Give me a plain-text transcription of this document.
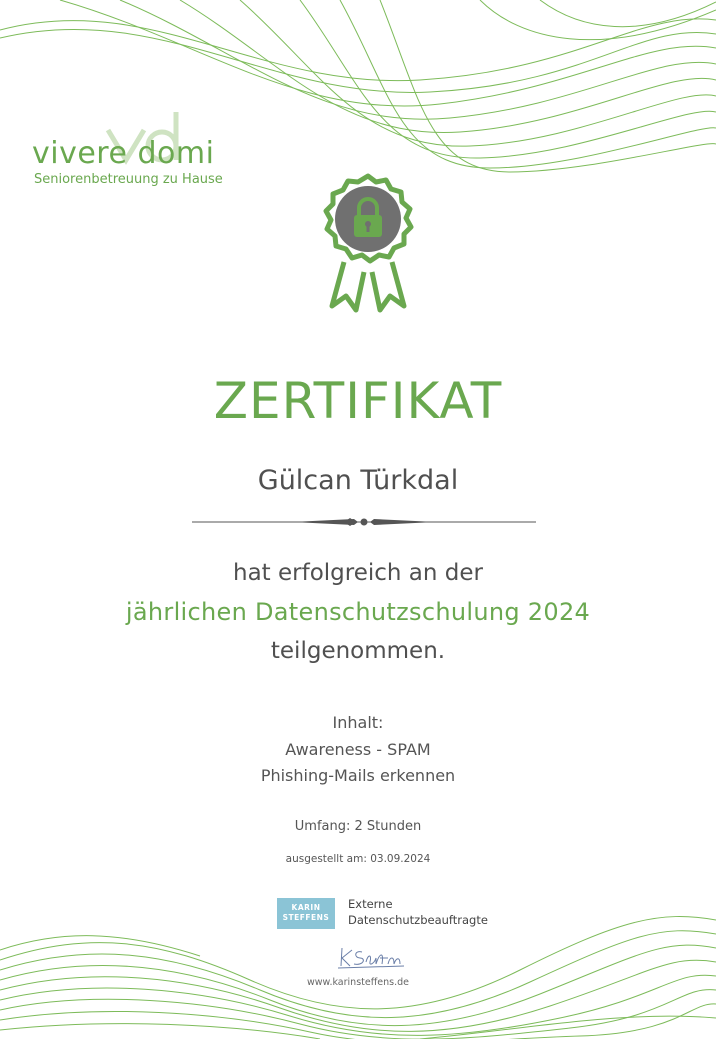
vivere domi
Seniorenbetreuung zu Hause
ZERTIFIKAT
Gülcan Türkdal
hat erfolgreich an der
jährlichen Datenschutzschulung 2024
teilgenommen.
Inhalt:
Awareness - SPAM
Phishing-Mails erkennen
Umfang: 2 Stunden
ausgestellt am: 03.09.2024
KARIN
STEFFENS
Externe
Datenschutzbeauftragte
www.karinsteffens.de
